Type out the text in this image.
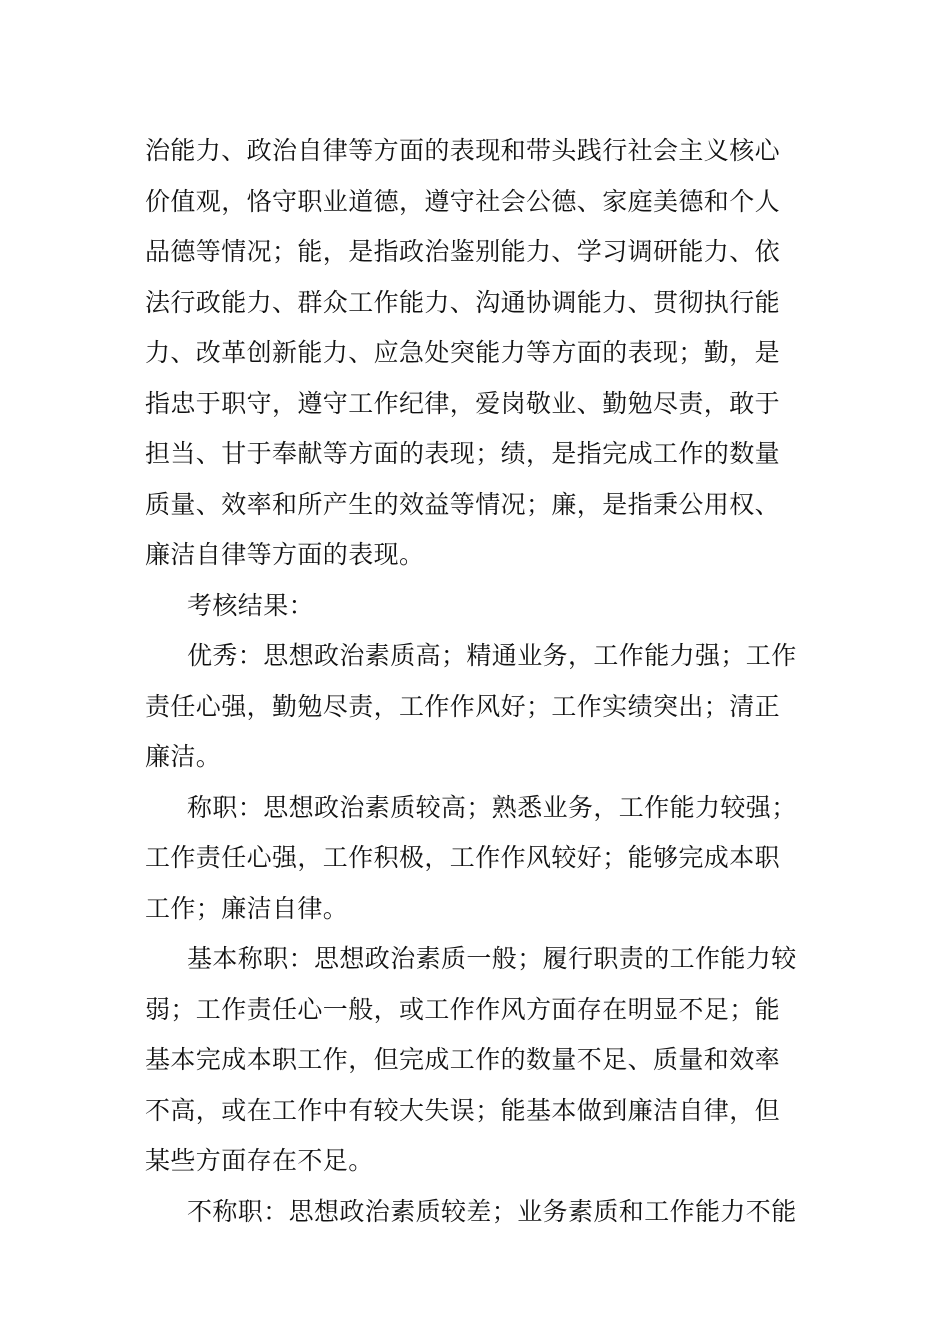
治能力、政治自律等方面的表现和带头践行社会主义核心
价值观，恪守职业道德，遵守社会公德、家庭美德和个人
品德等情况；能，是指政治鉴别能力、学习调研能力、依
法行政能力、群众工作能力、沟通协调能力、贯彻执行能
力、改革创新能力、应急处突能力等方面的表现；勤，是
指忠于职守，遵守工作纪律，爱岗敬业、勤勉尽责，敢于
担当、甘于奉献等方面的表现；绩，是指完成工作的数量
质量、效率和所产生的效益等情况；廉，是指秉公用权、
廉洁自律等方面的表现。
考核结果：
优秀：思想政治素质高；精通业务，工作能力强；工作
责任心强，勤勉尽责，工作作风好；工作实绩突出；清正
廉洁。
称职：思想政治素质较高；熟悉业务，工作能力较强；
工作责任心强，工作积极，工作作风较好；能够完成本职
工作；廉洁自律。
基本称职：思想政治素质一般；履行职责的工作能力较
弱；工作责任心一般，或工作作风方面存在明显不足；能
基本完成本职工作，但完成工作的数量不足、质量和效率
不高，或在工作中有较大失误；能基本做到廉洁自律，但
某些方面存在不足。
不称职：思想政治素质较差；业务素质和工作能力不能
